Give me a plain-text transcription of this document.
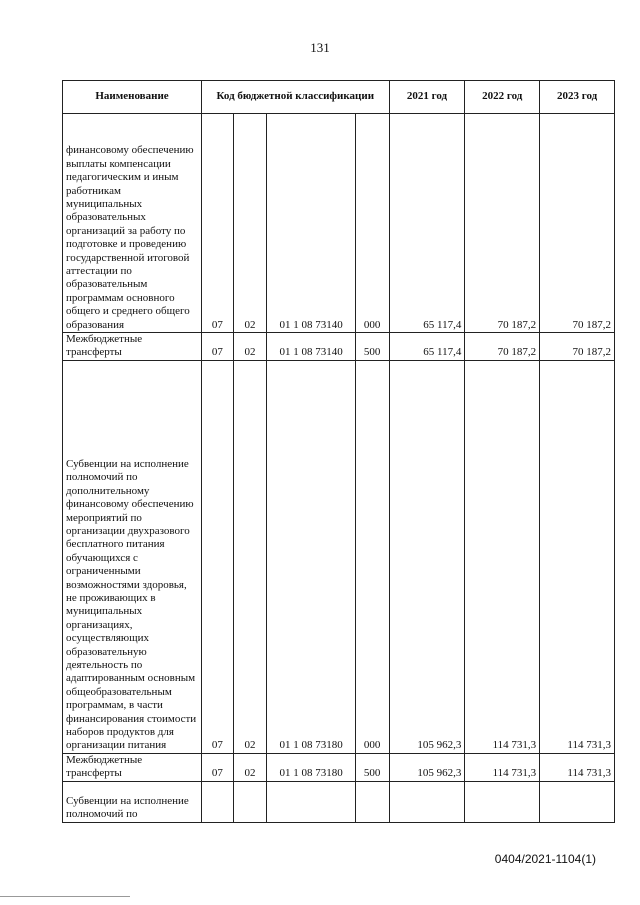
131
Наименование	Код бюджетной классификации				2021 год	2022 год	2023 год
финансовому обеспечению выплаты компенсации педагогическим и иным работникам муниципальных образовательных организаций за работу по подготовке и проведению государственной итоговой аттестации по образовательным программам основного общего и среднего общего образования	07	02	01 1 08 73140	000	65 117,4	70 187,2	70 187,2
Межбюджетные трансферты	07	02	01 1 08 73140	500	65 117,4	70 187,2	70 187,2
Субвенции на исполнение полномочий по дополнительному финансовому обеспечению мероприятий по организации двухразового бесплатного питания обучающихся с ограниченными возможностями здоровья, не проживающих в муниципальных организациях, осуществляющих образовательную деятельность по адаптированным основным общеобразовательным программам, в части финансирования стоимости наборов продуктов для организации питания	07	02	01 1 08 73180	000	105 962,3	114 731,3	114 731,3
Межбюджетные трансферты	07	02	01 1 08 73180	500	105 962,3	114 731,3	114 731,3
Субвенции на исполнение полномочий по							
0404/2021-1104(1)
